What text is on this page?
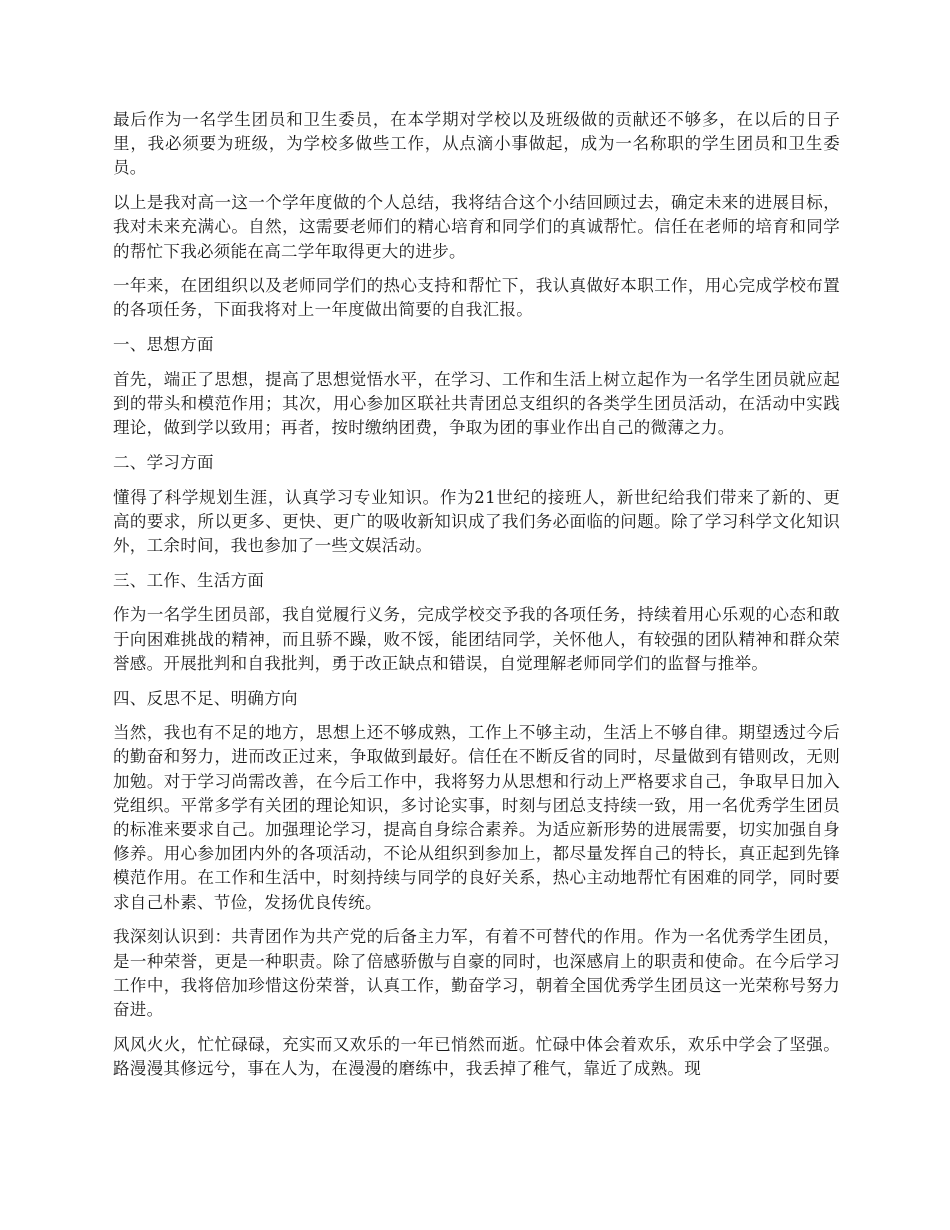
最后作为一名学生团员和卫生委员，在本学期对学校以及班级做的贡献还不够多，在以后的日子里，我必须要为班级，为学校多做些工作，从点滴小事做起，成为一名称职的学生团员和卫生委员。

以上是我对高一这一个学年度做的个人总结，我将结合这个小结回顾过去，确定未来的进展目标，我对未来充满心。自然，这需要老师们的精心培育和同学们的真诚帮忙。信任在老师的培育和同学的帮忙下我必须能在高二学年取得更大的进步。

一年来，在团组织以及老师同学们的热心支持和帮忙下，我认真做好本职工作，用心完成学校布置的各项任务，下面我将对上一年度做出简要的自我汇报。

一、思想方面

首先，端正了思想，提高了思想觉悟水平，在学习、工作和生活上树立起作为一名学生团员就应起到的带头和模范作用；其次，用心参加区联社共青团总支组织的各类学生团员活动，在活动中实践理论，做到学以致用；再者，按时缴纳团费，争取为团的事业作出自己的微薄之力。

二、学习方面

懂得了科学规划生涯，认真学习专业知识。作为21世纪的接班人，新世纪给我们带来了新的、更高的要求，所以更多、更快、更广的吸收新知识成了我们务必面临的问题。除了学习科学文化知识外，工余时间，我也参加了一些文娱活动。

三、工作、生活方面

作为一名学生团员部，我自觉履行义务，完成学校交予我的各项任务，持续着用心乐观的心态和敢于向困难挑战的精神，而且骄不躁，败不馁，能团结同学，关怀他人，有较强的团队精神和群众荣誉感。开展批判和自我批判，勇于改正缺点和错误，自觉理解老师同学们的监督与推举。

四、反思不足、明确方向

当然，我也有不足的地方，思想上还不够成熟，工作上不够主动，生活上不够自律。期望透过今后的勤奋和努力，进而改正过来，争取做到最好。信任在不断反省的同时，尽量做到有错则改，无则加勉。对于学习尚需改善，在今后工作中，我将努力从思想和行动上严格要求自己，争取早日加入党组织。平常多学有关团的理论知识，多讨论实事，时刻与团总支持续一致，用一名优秀学生团员的标准来要求自己。加强理论学习，提高自身综合素养。为适应新形势的进展需要，切实加强自身修养。用心参加团内外的各项活动，不论从组织到参加上，都尽量发挥自己的特长，真正起到先锋模范作用。在工作和生活中，时刻持续与同学的良好关系，热心主动地帮忙有困难的同学，同时要求自己朴素、节俭，发扬优良传统。

我深刻认识到：共青团作为共产党的后备主力军，有着不可替代的作用。作为一名优秀学生团员，是一种荣誉，更是一种职责。除了倍感骄傲与自豪的同时，也深感肩上的职责和使命。在今后学习工作中，我将倍加珍惜这份荣誉，认真工作，勤奋学习，朝着全国优秀学生团员这一光荣称号努力奋进。

风风火火，忙忙碌碌，充实而又欢乐的一年已悄然而逝。忙碌中体会着欢乐，欢乐中学会了坚强。路漫漫其修远兮，事在人为，在漫漫的磨练中，我丢掉了稚气，靠近了成熟。现
